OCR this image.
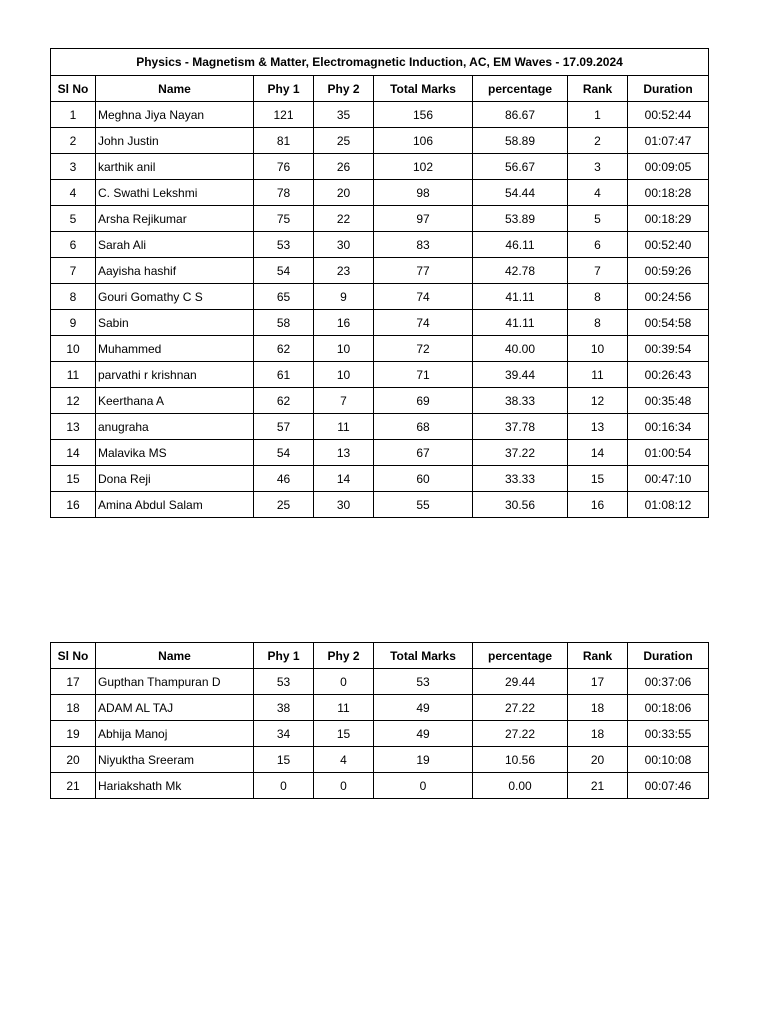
Physics - Magnetism & Matter, Electromagnetic Induction, AC, EM Waves - 17.09.2024							
Sl No	Name	Phy 1	Phy 2	Total Marks	percentage	Rank	Duration
1	Meghna Jiya Nayan	121	35	156	86.67	1	00:52:44
2	John Justin	81	25	106	58.89	2	01:07:47
3	karthik anil	76	26	102	56.67	3	00:09:05
4	C. Swathi Lekshmi	78	20	98	54.44	4	00:18:28
5	Arsha Rejikumar	75	22	97	53.89	5	00:18:29
6	Sarah Ali	53	30	83	46.11	6	00:52:40
7	Aayisha hashif	54	23	77	42.78	7	00:59:26
8	Gouri Gomathy C S	65	9	74	41.11	8	00:24:56
9	Sabin	58	16	74	41.11	8	00:54:58
10	Muhammed	62	10	72	40.00	10	00:39:54
11	parvathi r krishnan	61	10	71	39.44	11	00:26:43
12	Keerthana A	62	7	69	38.33	12	00:35:48
13	anugraha	57	11	68	37.78	13	00:16:34
14	Malavika MS	54	13	67	37.22	14	01:00:54
15	Dona Reji	46	14	60	33.33	15	00:47:10
16	Amina Abdul Salam	25	30	55	30.56	16	01:08:12
Sl No	Name	Phy 1	Phy 2	Total Marks	percentage	Rank	Duration
17	Gupthan Thampuran D	53	0	53	29.44	17	00:37:06
18	ADAM AL TAJ	38	11	49	27.22	18	00:18:06
19	Abhija Manoj	34	15	49	27.22	18	00:33:55
20	Niyuktha Sreeram	15	4	19	10.56	20	00:10:08
21	Hariakshath Mk	0	0	0	0.00	21	00:07:46
